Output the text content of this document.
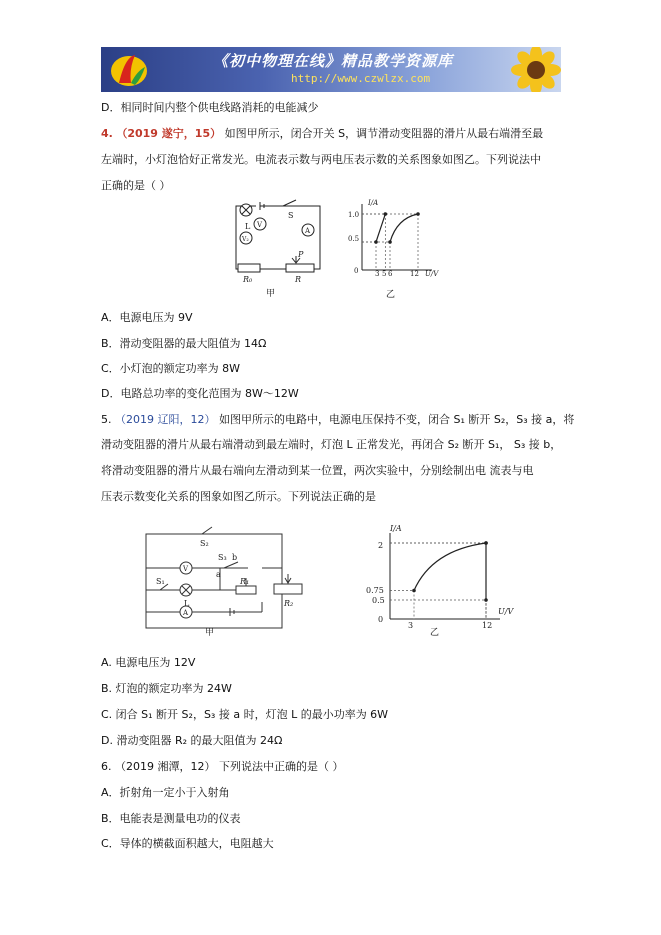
《初中物理在线》精品教学资源库
http://www.czwlzx.com
D．相同时间内整个供电线路消耗的电能减少
4. （2019 遂宁，15） 如图甲所示，闭合开关 S，调节滑动变阻器的滑片从最右端滑至最
左端时，小灯泡恰好正常发光。电流表示数与两电压表示数的关系图象如图乙。下列说法中
正确的是（ ）
L V
V₂
A
S
P
R₀	R
甲
I/A
U/V
1.0
0.5
0 3 5 6	12
乙
A．电源电压为 9V
B．滑动变阻器的最大阻值为 14Ω
C．小灯泡的额定功率为 8W
D．电路总功率的变化范围为 8W～12W
5. （2019 辽阳，12） 如图甲所示的电路中，电源电压保持不变，闭合 S₁ 断开 S₂，S₃ 接 a，将
滑动变阻器的滑片从最右端滑动到最左端时，灯泡 L 正常发光，再闭合 S₂ 断开 S₁， S₃ 接 b，
将滑动变阻器的滑片从最右端向左滑动到某一位置，两次实验中，分别绘制出电 流表与电
压表示数变化关系的图象如图乙所示。下列说法正确的是
S₂
S₃ b
a
V
A
L
S₁	R₁
R₂
甲
I/A
U/V
2
0.75
0.5
0
3	12
乙
A. 电源电压为 12V
B. 灯泡的额定功率为 24W
C. 闭合 S₁ 断开 S₂，S₃ 接 a 时，灯泡 L 的最小功率为 6W
D. 滑动变阻器 R₂ 的最大阻值为 24Ω
6. （2019 湘潭，12） 下列说法中正确的是（ ）
A．折射角一定小于入射角
B．电能表是测量电功的仪表
C．导体的横截面积越大，电阻越大
